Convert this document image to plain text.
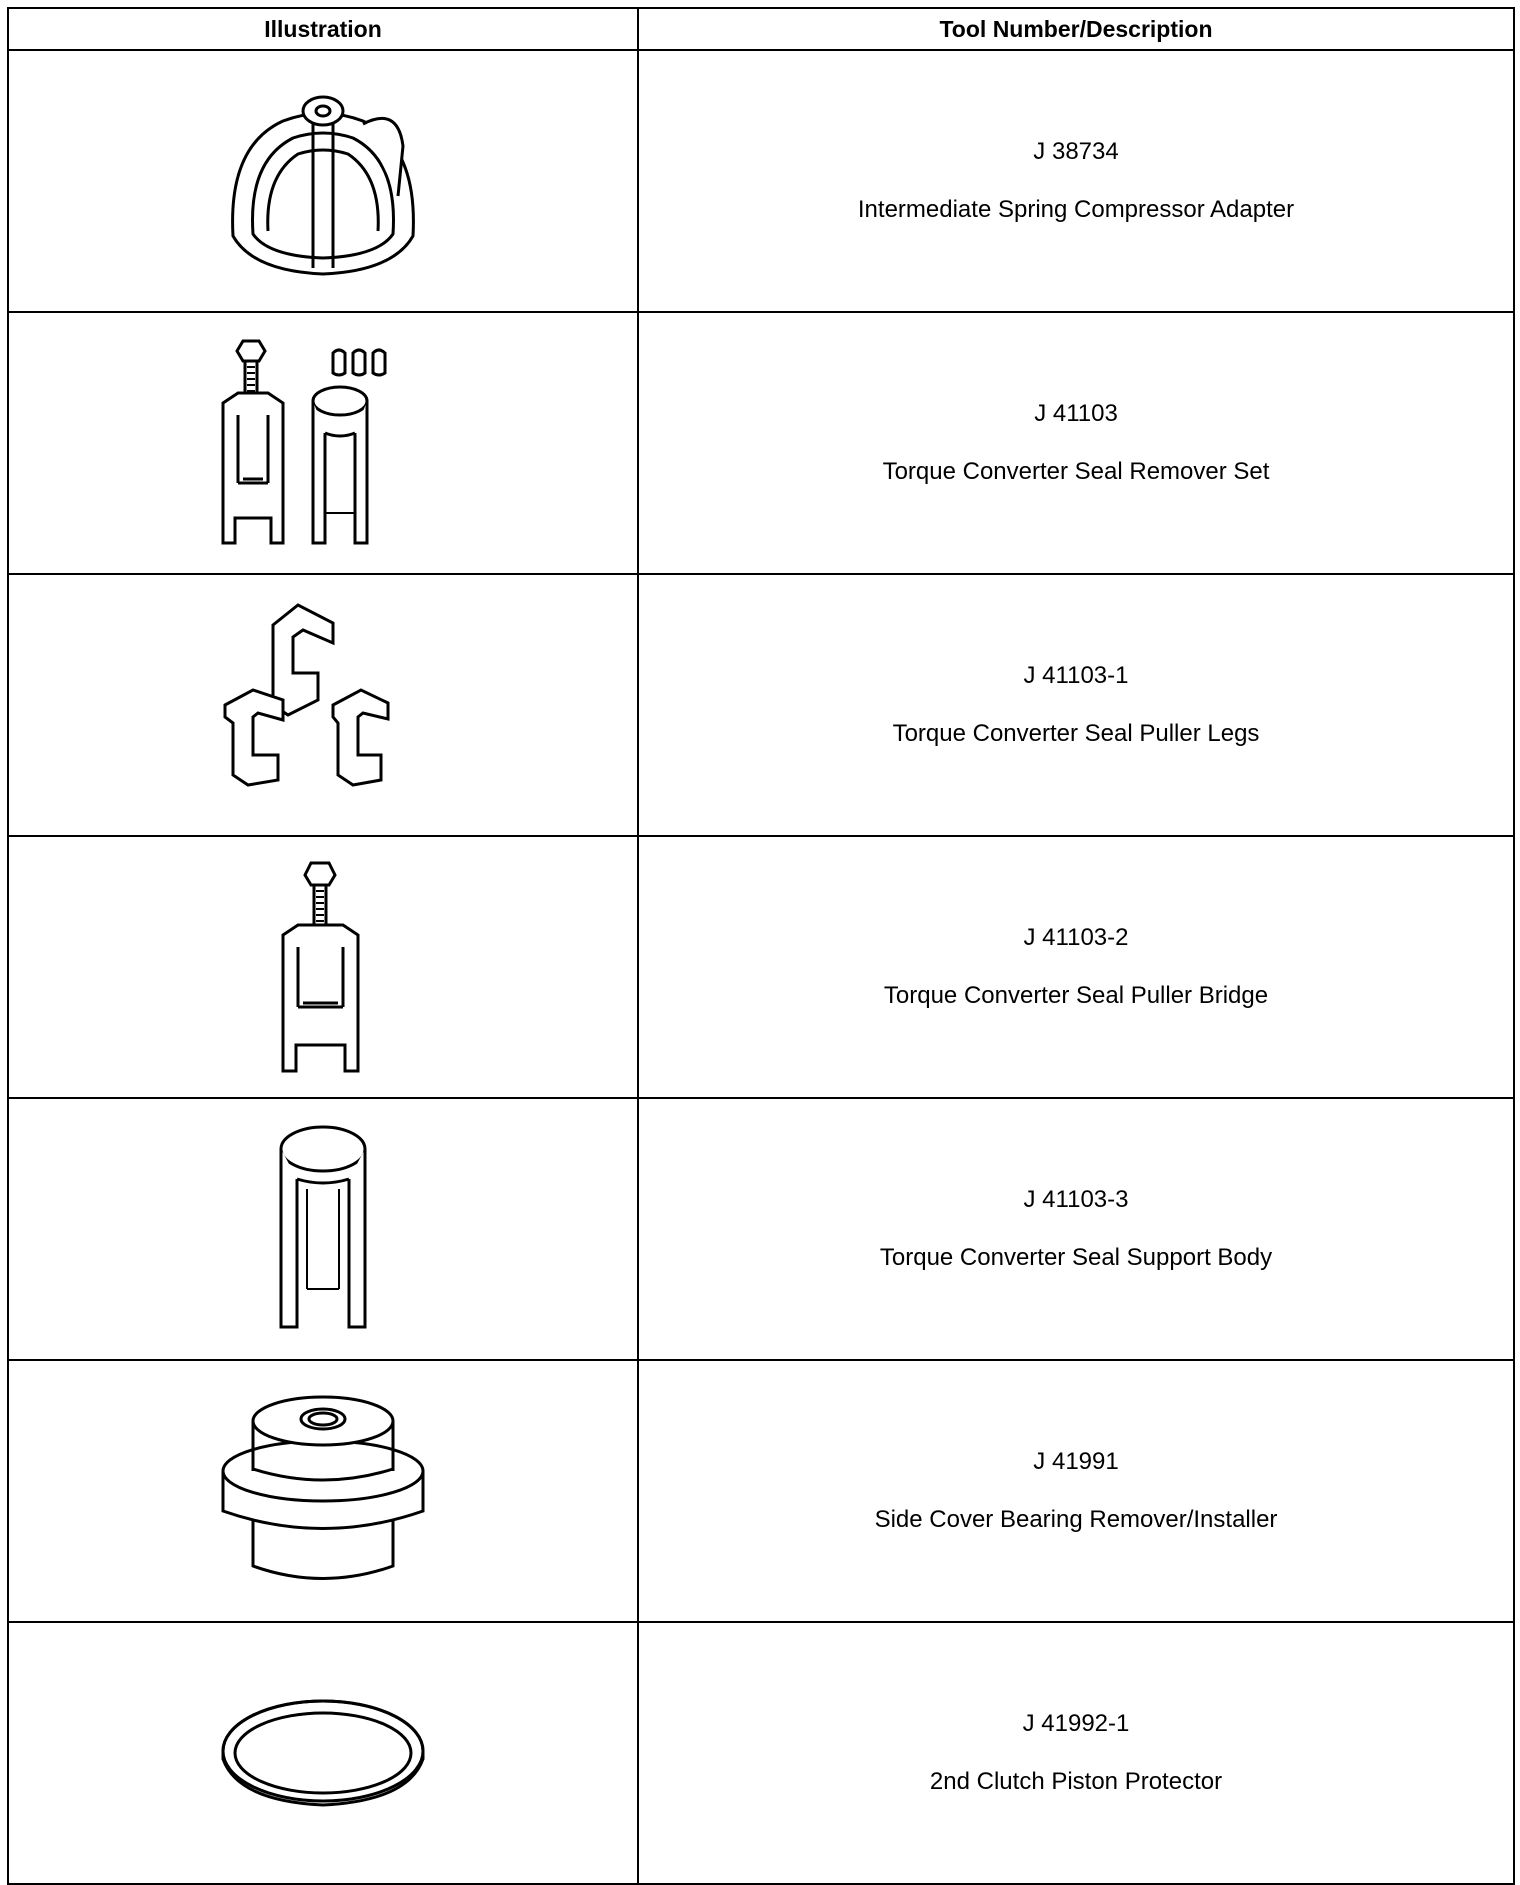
Illustration	Tool Number/Description

J 38734
Intermediate Spring Compressor Adapter

J 41103
Torque Converter Seal Remover Set

J 41103-1
Torque Converter Seal Puller Legs

J 41103-2
Torque Converter Seal Puller Bridge

J 41103-3
Torque Converter Seal Support Body

J 41991
Side Cover Bearing Remover/Installer

J 41992-1
2nd Clutch Piston Protector
